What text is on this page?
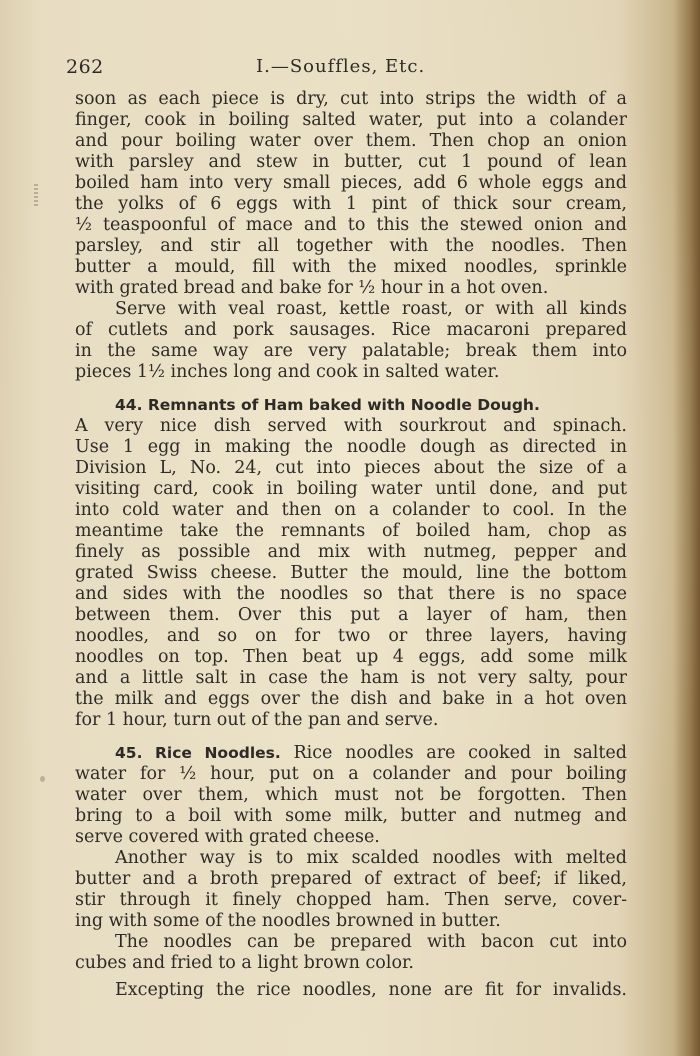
262	I.—Souffles, Etc.
soon as each piece is dry, cut into strips the width of a
finger, cook in boiling salted water, put into a colander
and pour boiling water over them. Then chop an onion
with parsley and stew in butter, cut 1 pound of lean
boiled ham into very small pieces, add 6 whole eggs and
the yolks of 6 eggs with 1 pint of thick sour cream,
½ teaspoonful of mace and to this the stewed onion and
parsley, and stir all together with the noodles. Then
butter a mould, fill with the mixed noodles, sprinkle
with grated bread and bake for ½ hour in a hot oven.
Serve with veal roast, kettle roast, or with all kinds
of cutlets and pork sausages. Rice macaroni prepared
in the same way are very palatable; break them into
pieces 1½ inches long and cook in salted water.
44. Remnants of Ham baked with Noodle Dough.
A very nice dish served with sourkrout and spinach.
Use 1 egg in making the noodle dough as directed in
Division L, No. 24, cut into pieces about the size of a
visiting card, cook in boiling water until done, and put
into cold water and then on a colander to cool. In the
meantime take the remnants of boiled ham, chop as
finely as possible and mix with nutmeg, pepper and
grated Swiss cheese. Butter the mould, line the bottom
and sides with the noodles so that there is no space
between them. Over this put a layer of ham, then
noodles, and so on for two or three layers, having
noodles on top. Then beat up 4 eggs, add some milk
and a little salt in case the ham is not very salty, pour
the milk and eggs over the dish and bake in a hot oven
for 1 hour, turn out of the pan and serve.
45. Rice Noodles. Rice noodles are cooked in salted
water for ½ hour, put on a colander and pour boiling
water over them, which must not be forgotten. Then
bring to a boil with some milk, butter and nutmeg and
serve covered with grated cheese.
Another way is to mix scalded noodles with melted
butter and a broth prepared of extract of beef; if liked,
stir through it finely chopped ham. Then serve, cover-
ing with some of the noodles browned in butter.
The noodles can be prepared with bacon cut into
cubes and fried to a light brown color.
Excepting the rice noodles, none are fit for invalids.
